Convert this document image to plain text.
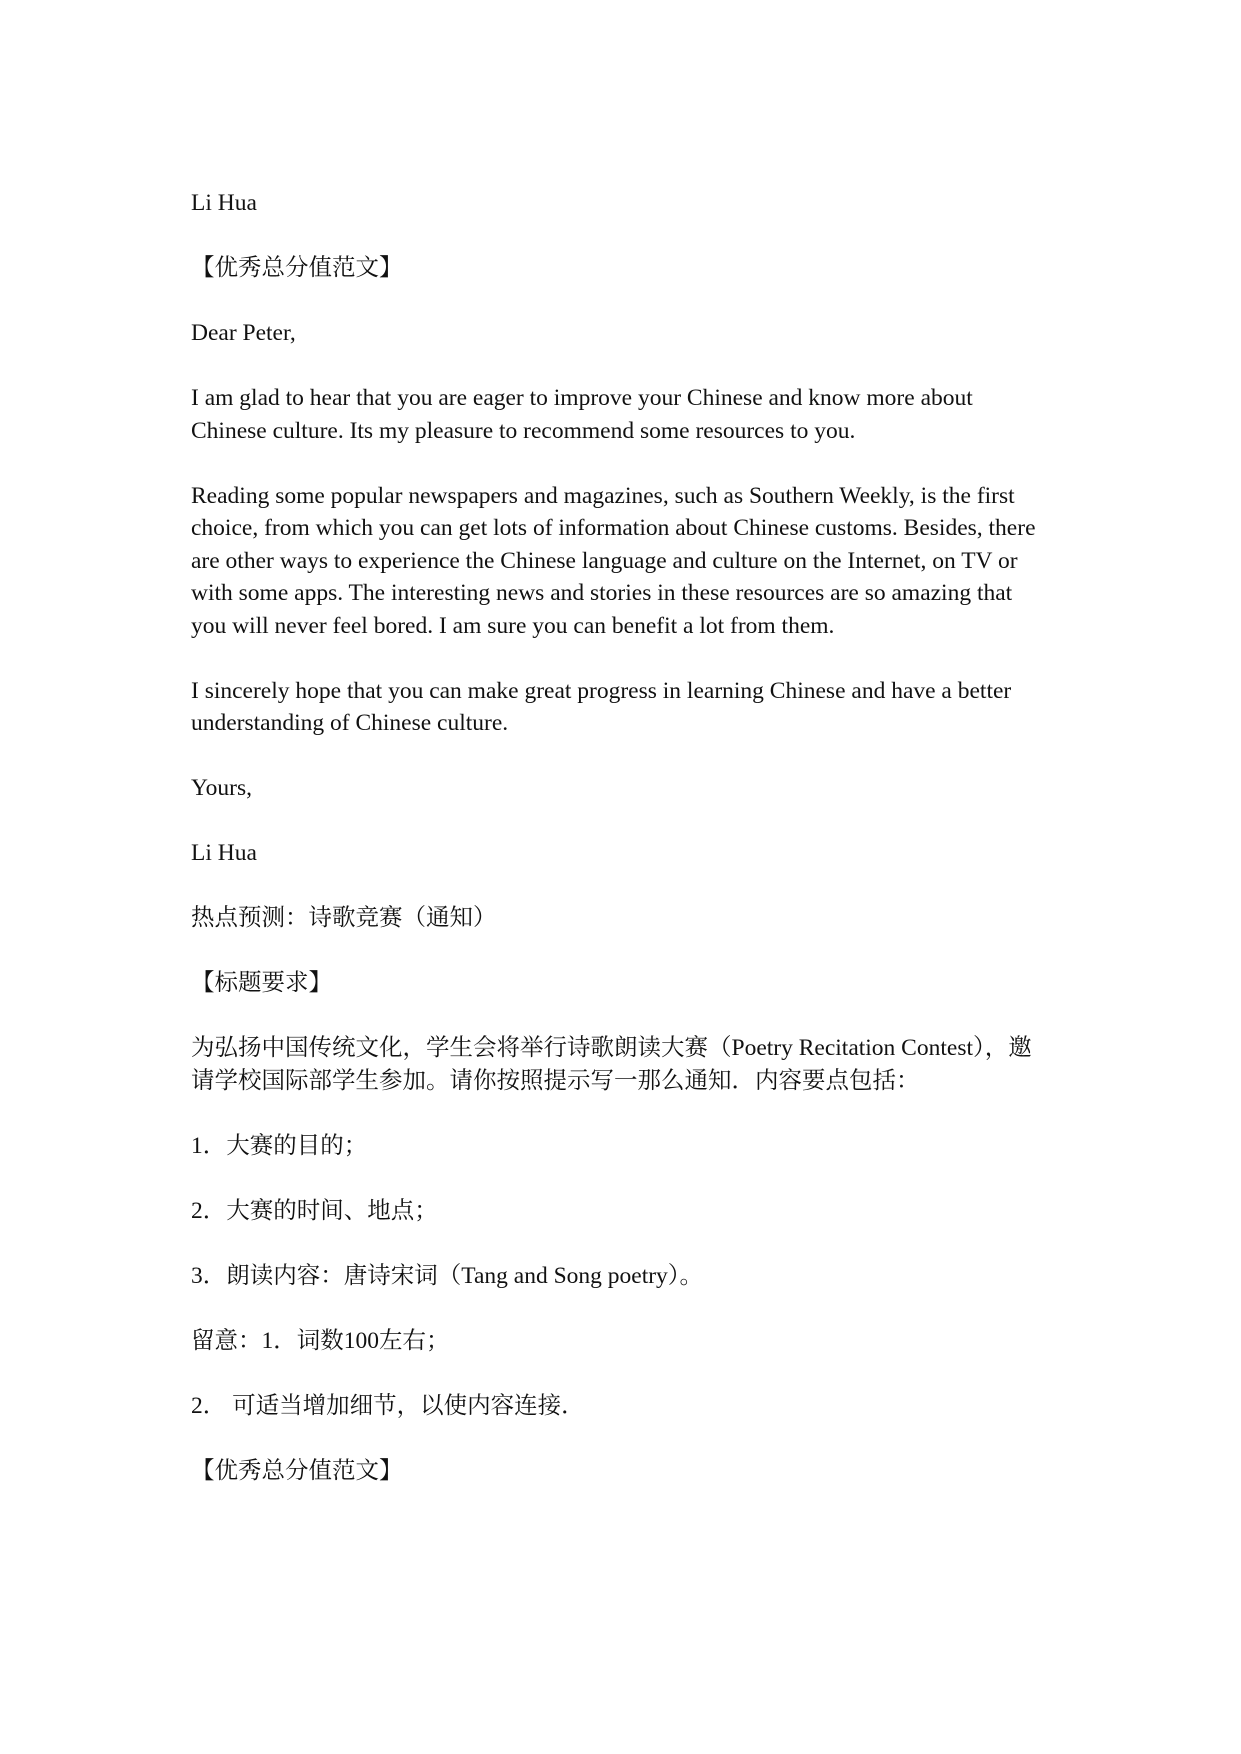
Li Hua

【优秀总分值范文】

Dear Peter,

I am glad to hear that you are eager to improve your Chinese and know more about Chinese culture. Its my pleasure to recommend some resources to you.

Reading some popular newspapers and magazines, such as Southern Weekly, is the first choice, from which you can get lots of information about Chinese customs. Besides, there are other ways to experience the Chinese language and culture on the Internet, on TV or with some apps. The interesting news and stories in these resources are so amazing that you will never feel bored. I am sure you can benefit a lot from them.

I sincerely hope that you can make great progress in learning Chinese and have a better understanding of Chinese culture.

Yours,

Li Hua

热点预测：诗歌竞赛（通知）

【标题要求】

为弘扬中国传统文化，学生会将举行诗歌朗读大赛（Poetry Recitation Contest），邀请学校国际部学生参加。请你按照提示写一那么通知．内容要点包括：

1．大赛的目的；

2．大赛的时间、地点；

3．朗读内容：唐诗宋词（Tang and Song poetry）。

留意：1．词数100左右；

2． 可适当增加细节，以使内容连接．

【优秀总分值范文】
